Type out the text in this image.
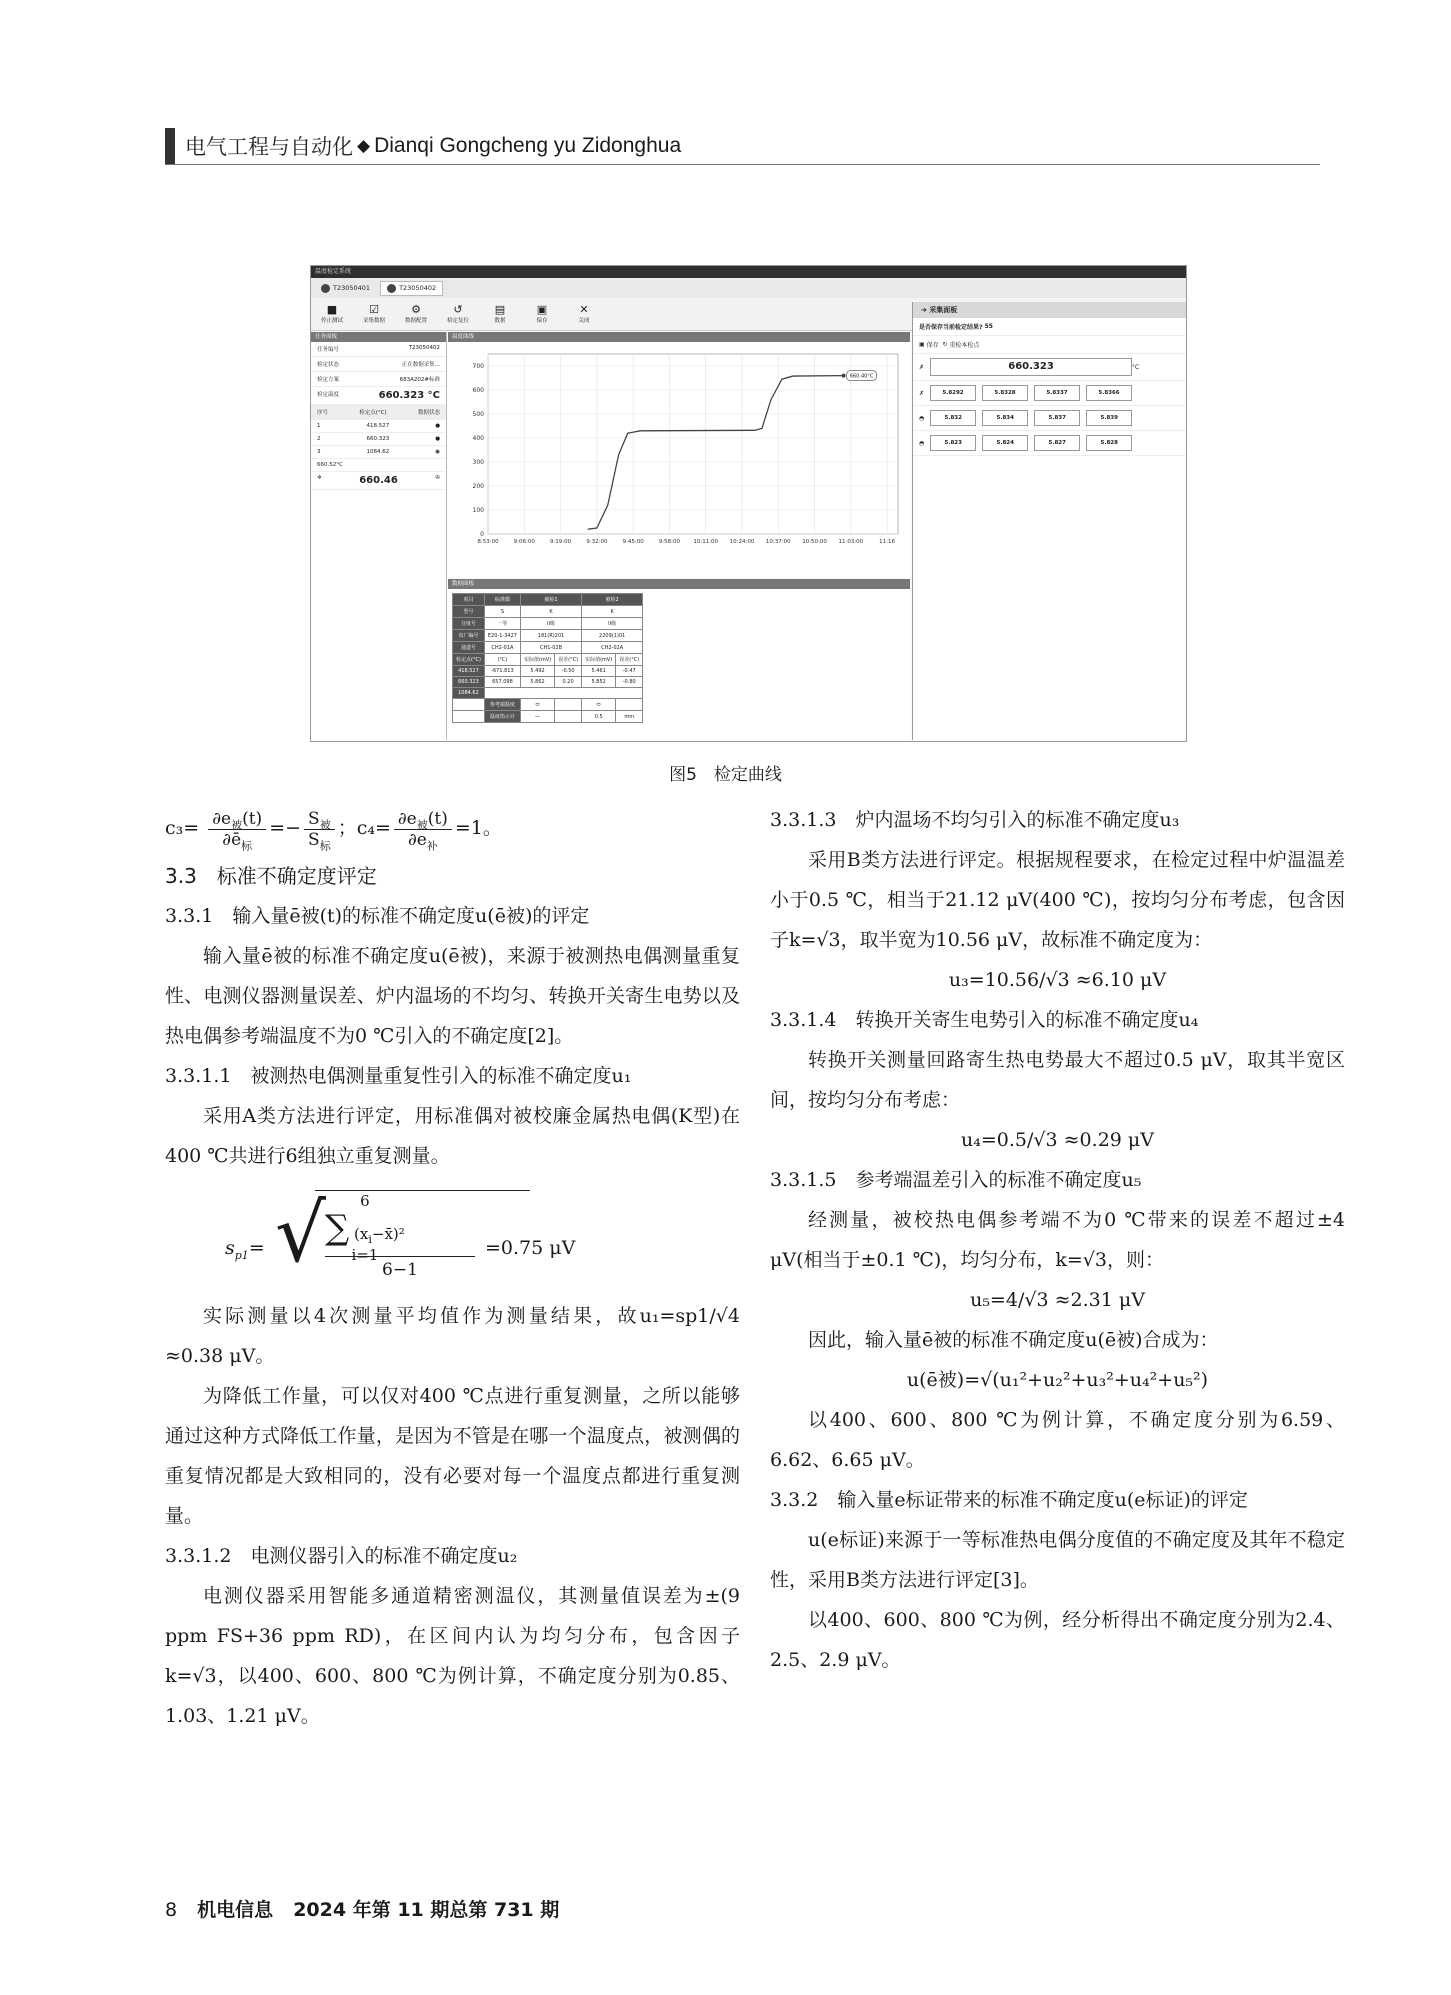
电气工程与自动化 ◆ Dianqi Gongcheng yu Zidonghua
温度检定系统
T23050401	T23050402
■
停止测试
☑
采集数据
⚙
数据配置
↺
检定复位
▤
数据
▣
保存
✕
关闭
任务面板
任务编号	T23050402
检定状态	正在数据采集...
检定方案	683A202#标准
检定温度	660.323 °C
序号	检定点(°C)	数据状态
1	418.527	●
2	660.323	●
3	1084.62	◉
660.52°C
✲	660.46	✇
温度曲线
0
100
200
300
400
500
600
700
8:53:00	9:06:00	9:19:00	9:32:00	9:45:00	9:58:00 10:11:00 10:24:00 10:37:00 10:50:00 11:03:00	11:16
660.40°C
数据面板
项目	标准偶	被检1		被检2	
型号	S	K		K	
分度号	一等	II级		II级	
出厂编号	E20-1-3427	181(R)201		2209(1)01	
通道号	CH2-01A	CH1-02B		CH2-02A	
检定点(°C)	(°C)	实际值(mV)	误差(°C)	实际值(mV)	误差(°C)
418.527	-671.813	5.492	-0.50	5.461	-0.47
660.323	657.098	5.862	0.20	5.852	-0.80
1084.62					
	参考端温度	⬭		⬭	
	温度指示计	—		0.5	mm
➜ 采集面板
是否保存当前检定结果?
55
▣
保存
↻
重检本检点
✗	660.323	°C
✗	5.8292	5.8328	5.8337	5.8366
◓	5.832	5.834	5.837	5.839
◓	5.823	5.824	5.827	5.828
图5　检定曲线

$c_3= \frac{\partial e_被(t)}{\partial ē_标} =- \frac{S_被}{S_标}$ ；$c_4= \frac{\partial e_被(t)}{\partial e_补} =1$。

3.3　标准不确定度评定

3.3.1　输入量ē被(t)的标准不确定度u(ē被)的评定

输入量ē被的标准不确定度u(ē被)，来源于被测热电偶测量重复性、电测仪器测量误差、炉内温场的不均匀、转换开关寄生电势以及热电偶参考端温度不为0 ℃引入的不确定度[2]。

3.3.1.1　被测热电偶测量重复性引入的标准不确定度u₁

采用A类方法进行评定，用标准偶对被校廉金属热电偶(K型)在400 ℃共进行6组独立重复测量。

$s_{p1}=$ √	6
∑ $(x_i-x̄)^2$
i=1
6−1
=0.75 μV

实际测量以4次测量平均值作为测量结果，故u₁=sp1/√4 ≈0.38 μV。

为降低工作量，可以仅对400 ℃点进行重复测量，之所以能够通过这种方式降低工作量，是因为不管是在哪一个温度点，被测偶的重复情况都是大致相同的，没有必要对每一个温度点都进行重复测量。

3.3.1.2　电测仪器引入的标准不确定度u₂

电测仪器采用智能多通道精密测温仪，其测量值误差为±(9 ppm FS+36 ppm RD)，在区间内认为均匀分布，包含因子k=√3，以400、600、800 ℃为例计算，不确定度分别为0.85、1.03、1.21 μV。

3.3.1.3　炉内温场不均匀引入的标准不确定度u₃

采用B类方法进行评定。根据规程要求，在检定过程中炉温温差小于0.5 ℃，相当于21.12 μV(400 ℃)，按均匀分布考虑，包含因子k=√3，取半宽为10.56 μV，故标准不确定度为：

u₃=10.56/√3 ≈6.10 μV

3.3.1.4　转换开关寄生电势引入的标准不确定度u₄

转换开关测量回路寄生热电势最大不超过0.5 μV，取其半宽区间，按均匀分布考虑：

u₄=0.5/√3 ≈0.29 μV

3.3.1.5　参考端温差引入的标准不确定度u₅

经测量，被校热电偶参考端不为0 ℃带来的误差不超过±4 μV(相当于±0.1 ℃)，均匀分布，k=√3，则：

u₅=4/√3 ≈2.31 μV

因此，输入量ē被的标准不确定度u(ē被)合成为：

u(ē被)=√(u₁²+u₂²+u₃²+u₄²+u₅²)

以400、600、800 ℃为例计算，不确定度分别为6.59、6.62、6.65 μV。

3.3.2　输入量e标证带来的标准不确定度u(e标证)的评定

u(e标证)来源于一等标准热电偶分度值的不确定度及其年不稳定性，采用B类方法进行评定[3]。

以400、600、800 ℃为例，经分析得出不确定度分别为2.4、2.5、2.9 μV。

8 机电信息 2024 年第 11 期总第 731 期
